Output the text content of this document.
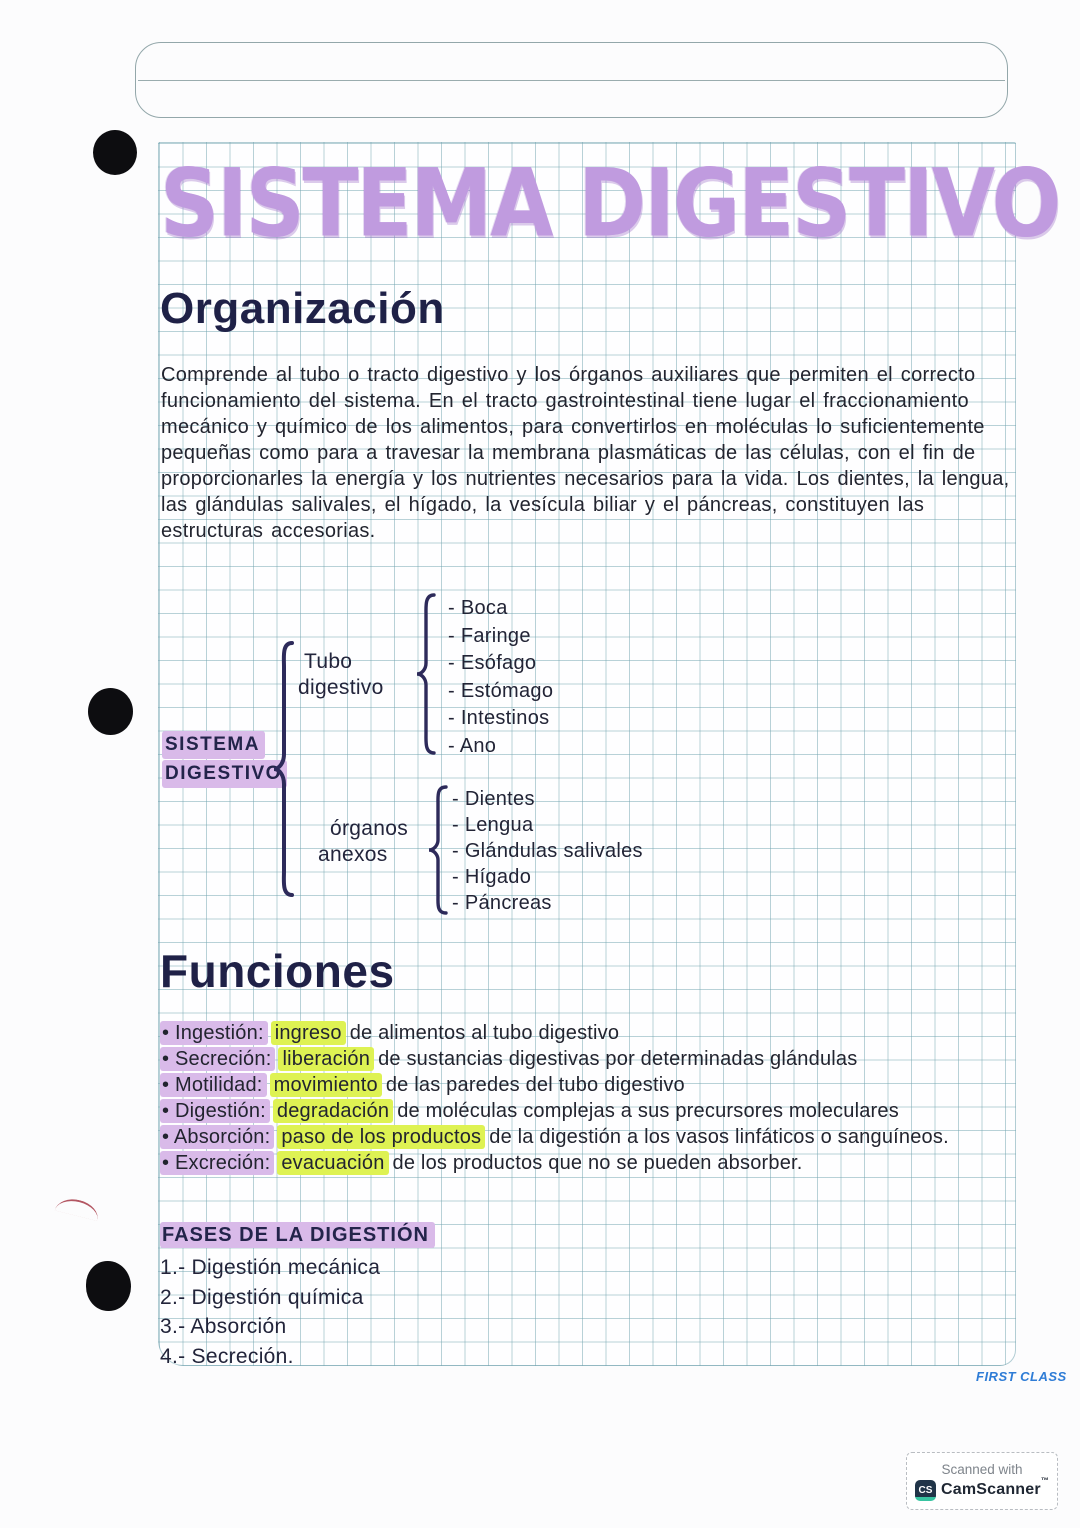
SISTEMA DIGESTIVO
Organización
Comprende al tubo o tracto digestivo y los órganos auxiliares que permiten el correcto funcionamiento del sistema. En el tracto gastrointestinal tiene lugar el fraccionamiento mecánico y químico de los alimentos, para convertirlos en moléculas lo suficientemente pequeñas como para a travesar la membrana plasmáticas de las células, con el fin de proporcionarles la energía y los nutrientes necesarios para la vida. Los dientes, la lengua, las glándulas salivales, el hígado, la vesícula biliar y el páncreas, constituyen las estructuras accesorias.
SISTEMA
DIGESTIVO
Tubo
digestivo
- Boca
- Faringe
- Esófago
- Estómago
- Intestinos
- Ano
órganos
anexos
- Dientes
- Lengua
- Glándulas salivales
- Hígado
- Páncreas
Funciones
• Ingestión: ingreso de alimentos al tubo digestivo
• Secreción: liberación de sustancias digestivas por determinadas glándulas
• Motilidad: movimiento de las paredes del tubo digestivo
• Digestión: degradación de moléculas complejas a sus precursores moleculares
• Absorción: paso de los productos de la digestión a los vasos linfáticos o sanguíneos.
• Excreción: evacuación de los productos que no se pueden absorber.
FASES DE LA DIGESTIÓN
1.- Digestión mecánica
2.- Digestión química
3.- Absorción
4.- Secreción.
FIRST CLASS
Scanned with
CS CamScanner™
